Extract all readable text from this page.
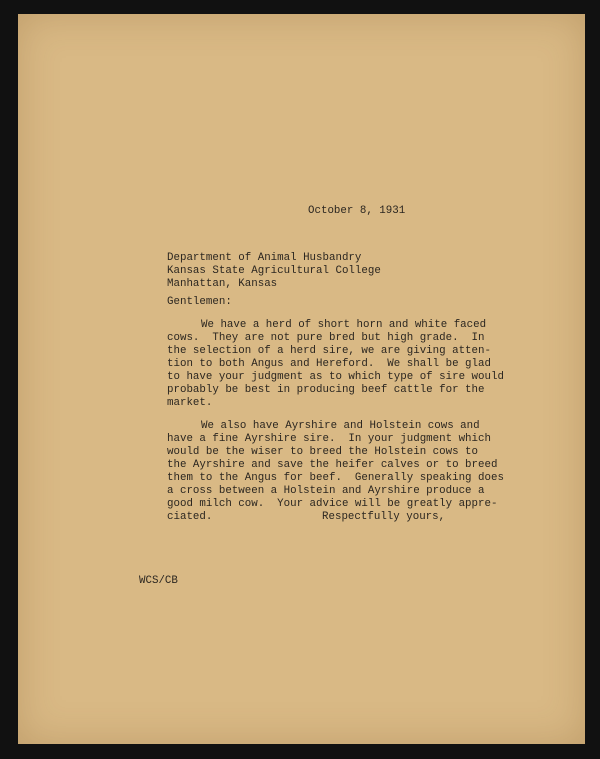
October 8, 1931

Department of Animal Husbandry

Kansas State Agricultural College

Manhattan, Kansas

Gentlemen:

We have a herd of short horn and white faced

cows.  They are not pure bred but high grade.  In

the selection of a herd sire, we are giving atten-

tion to both Angus and Hereford.  We shall be glad

to have your judgment as to which type of sire would

probably be best in producing beef cattle for the

market.

We also have Ayrshire and Holstein cows and

have a fine Ayrshire sire.  In your judgment which

would be the wiser to breed the Holstein cows to

the Ayrshire and save the heifer calves or to breed

them to the Angus for beef.  Generally speaking does

a cross between a Holstein and Ayrshire produce a

good milch cow.  Your advice will be greatly appre-

ciated.	Respectfully yours,

WCS/CB
